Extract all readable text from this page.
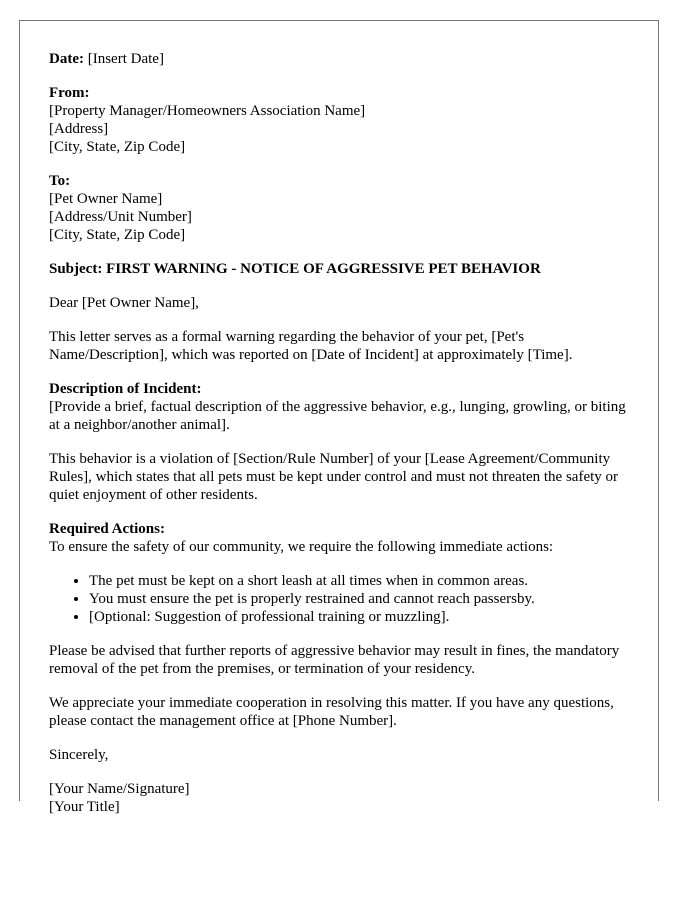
Date: [Insert Date]

From:
[Property Manager/Homeowners Association Name]
[Address]
[City, State, Zip Code]

To:
[Pet Owner Name]
[Address/Unit Number]
[City, State, Zip Code]

Subject: FIRST WARNING - NOTICE OF AGGRESSIVE PET BEHAVIOR

Dear [Pet Owner Name],

This letter serves as a formal warning regarding the behavior of your pet, [Pet's Name/Description], which was reported on [Date of Incident] at approximately [Time].

Description of Incident:
[Provide a brief, factual description of the aggressive behavior, e.g., lunging, growling, or biting at a neighbor/another animal].

This behavior is a violation of [Section/Rule Number] of your [Lease Agreement/Community Rules], which states that all pets must be kept under control and must not threaten the safety or quiet enjoyment of other residents.

Required Actions:
To ensure the safety of our community, we require the following immediate actions:

• The pet must be kept on a short leash at all times when in common areas.
• You must ensure the pet is properly restrained and cannot reach passersby.
• [Optional: Suggestion of professional training or muzzling].

Please be advised that further reports of aggressive behavior may result in fines, the mandatory removal of the pet from the premises, or termination of your residency.

We appreciate your immediate cooperation in resolving this matter. If you have any questions, please contact the management office at [Phone Number].

Sincerely,

[Your Name/Signature]
[Your Title]
